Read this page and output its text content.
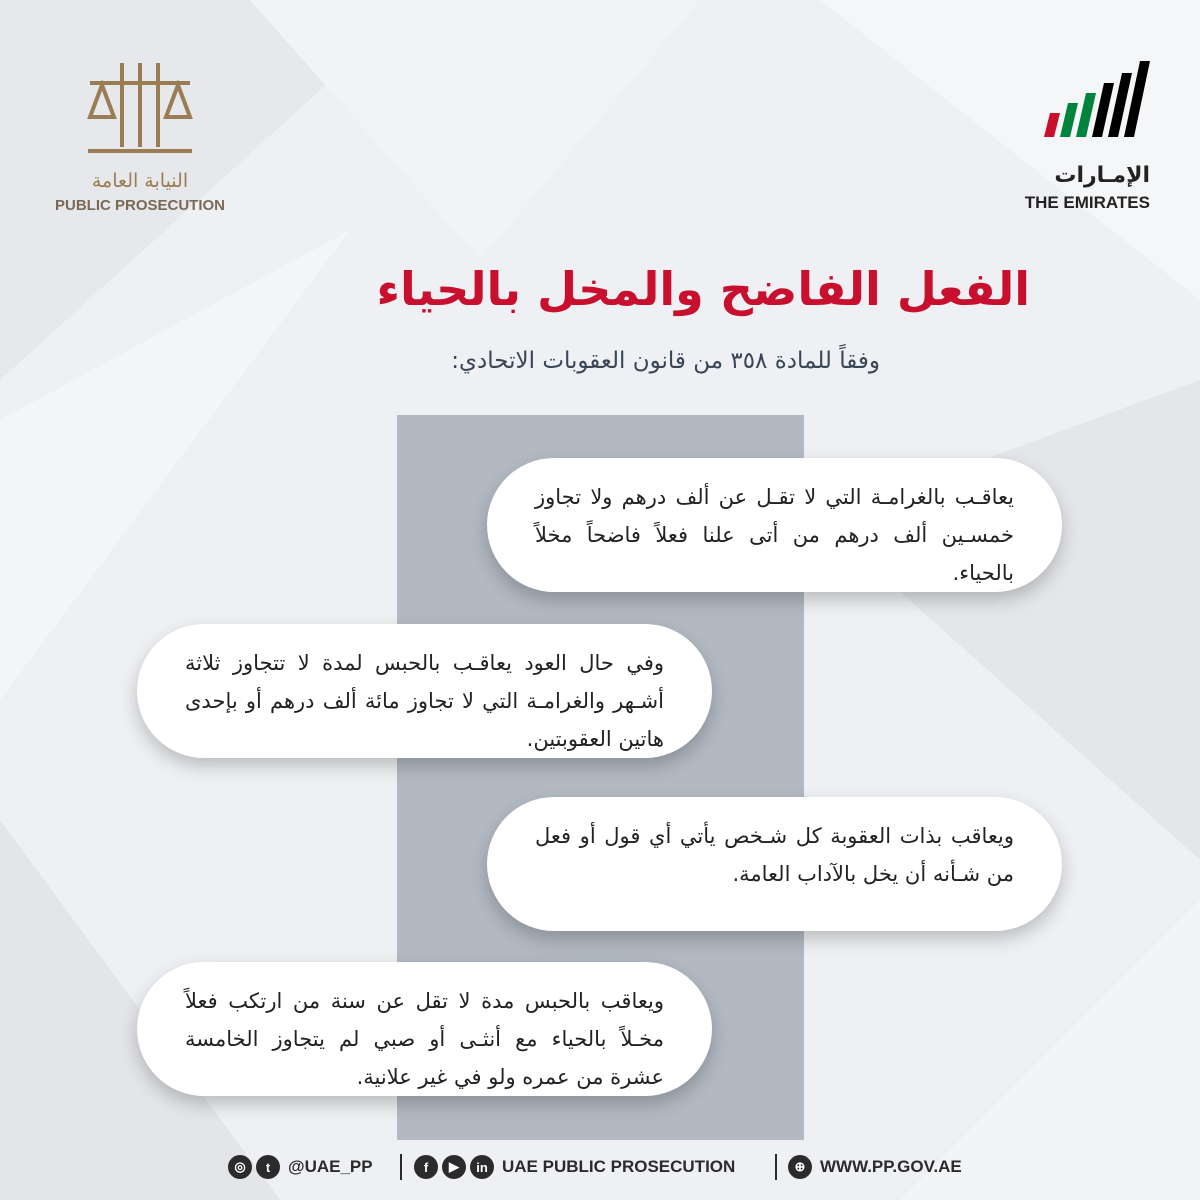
النيابة العامة
PUBLIC PROSECUTION
الإمـارات
THE EMIRATES
الفعل الفاضح والمخل بالحياء
وفقاً للمادة ٣٥٨ من قانون العقوبات الاتحادي:
يعاقـب بالغرامـة التي لا تقـل عن ألف درهم ولا تجاوز خمسـين ألف درهم من أتى علنا فعلاً فاضحاً مخلاً بالحياء.
وفي حال العود يعاقـب بالحبس لمدة لا تتجاوز ثلاثة أشـهر والغرامـة التي لا تجاوز مائة ألف درهم أو بإحدى هاتين العقوبتين.
ويعاقب بذات العقوبة كل شـخص يأتي أي قول أو فعل من شـأنه أن يخل بالآداب العامة.
ويعاقب بالحبس مدة لا تقل عن سنة من ارتكب فعلاً مخـلاً بالحياء مع أنثـى أو صبي لم يتجاوز الخامسة عشرة من عمره ولو في غير علانية.
◎	t	@UAE_PP	f	▶	in UAE PUBLIC PROSECUTION	⊕ WWW.PP.GOV.AE
